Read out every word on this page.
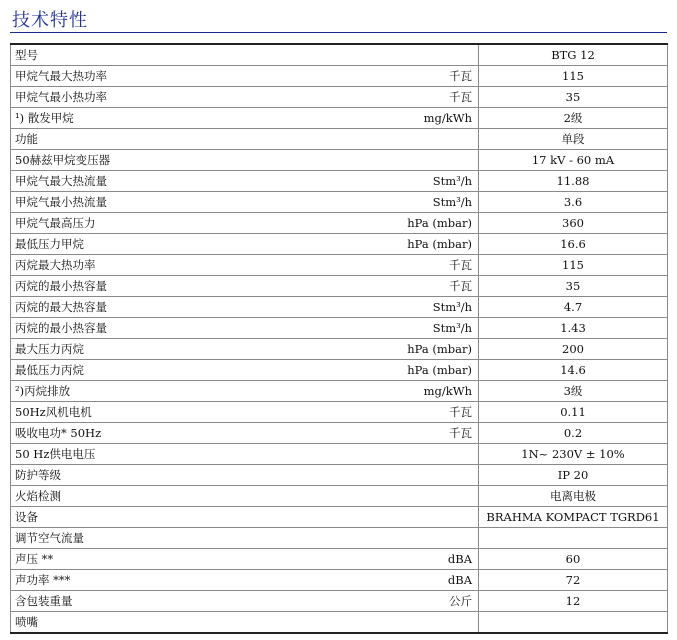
技术特性
型号	BTG 12

甲烷气最大热功率 千瓦	115

甲烷气最小热功率 千瓦	35

¹) 散发甲烷 mg/kWh	2级

功能	单段

50赫兹甲烷变压器	17 kV - 60 mA

甲烷气最大热流量 Stm³/h	11.88

甲烷气最小热流量 Stm³/h	3.6

甲烷气最高压力 hPa (mbar)	360

最低压力甲烷 hPa (mbar)	16.6

丙烷最大热功率 千瓦	115

丙烷的最小热容量 千瓦	35

丙烷的最大热容量 Stm³/h	4.7

丙烷的最小热容量 Stm³/h	1.43

最大压力丙烷 hPa (mbar)	200

最低压力丙烷 hPa (mbar)	14.6

²)丙烷排放 mg/kWh	3级

50Hz风机电机 千瓦	0.11

吸收电功* 50Hz 千瓦	0.2

50 Hz供电电压	1N~ 230V ± 10%

防护等级	IP 20

火焰检测	电离电极

设备	BRAHMA KOMPACT TGRD61

调节空气流量	

声压 ** dBA	60

声功率 *** dBA	72

含包装重量 公斤	12

喷嘴	
